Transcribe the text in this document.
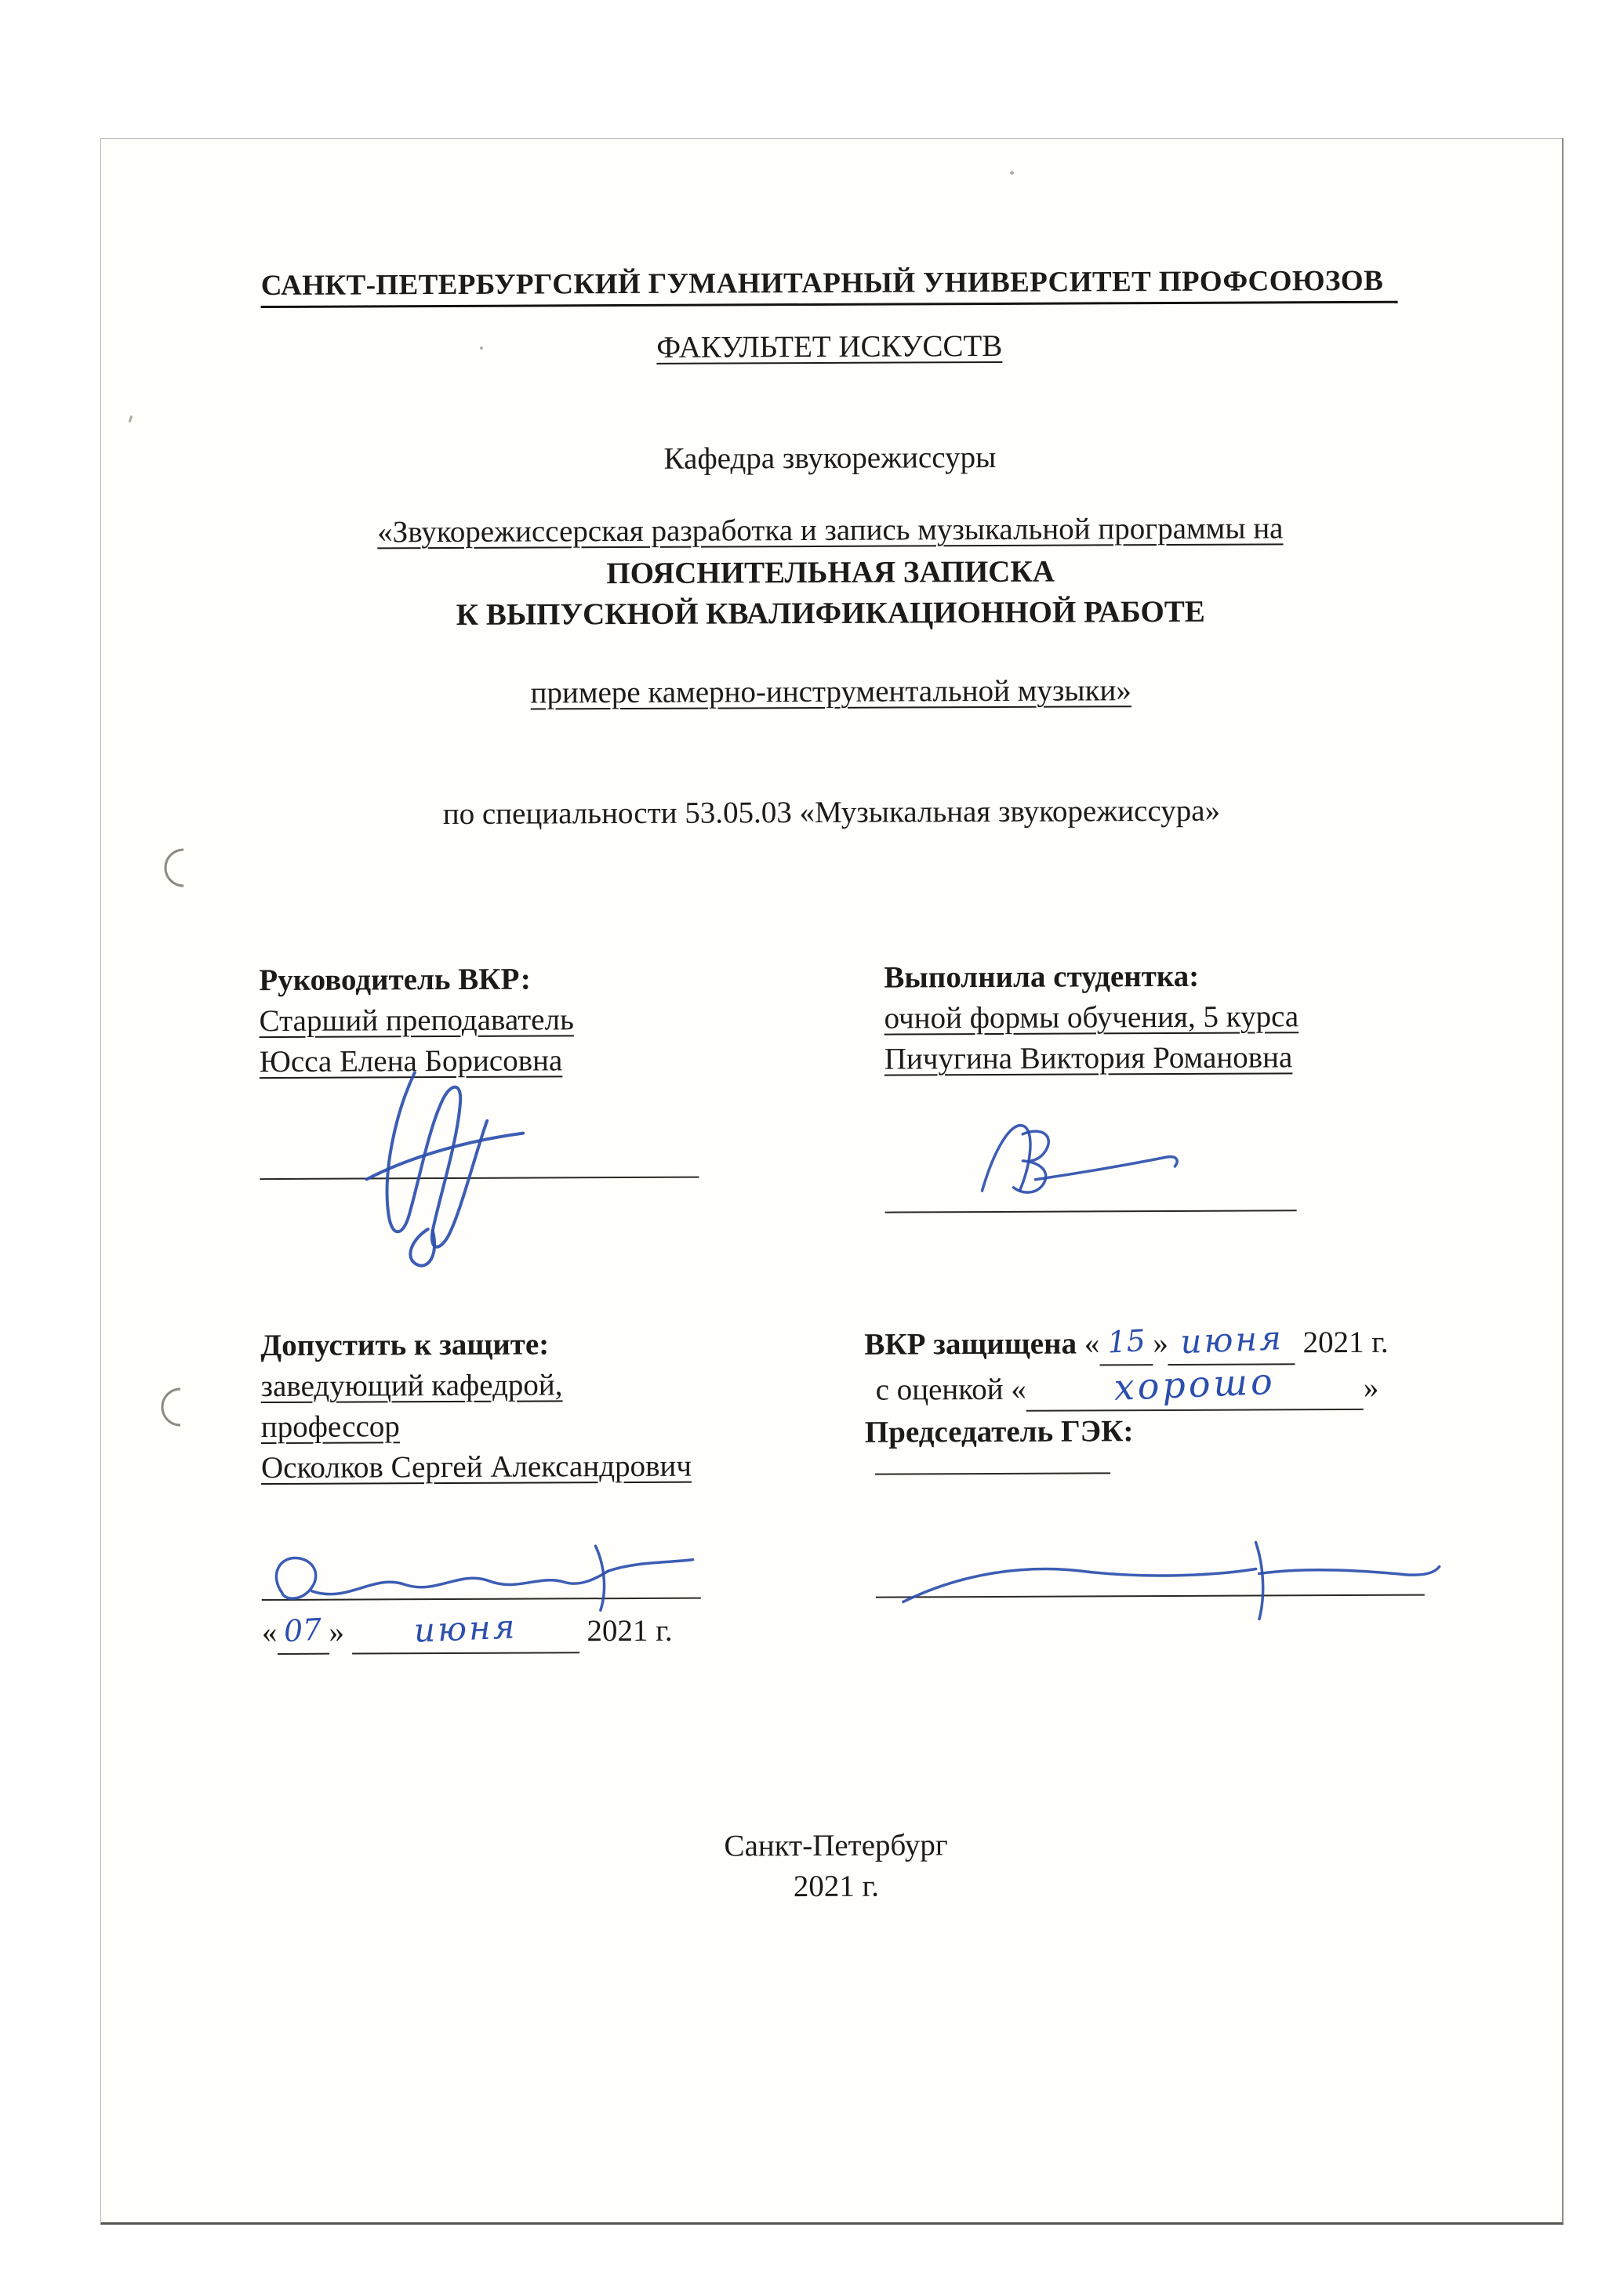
САНКТ-ПЕТЕРБУРГСКИЙ ГУМАНИТАРНЫЙ УНИВЕРСИТЕТ ПРОФСОЮЗОВ
ФАКУЛЬТЕТ ИСКУССТВ
Кафедра звукорежиссуры
«Звукорежиссерская разработка и запись музыкальной программы на
ПОЯСНИТЕЛЬНАЯ ЗАПИСКА
К ВЫПУСКНОЙ КВАЛИФИКАЦИОННОЙ РАБОТЕ
примере камерно-инструментальной музыки»
по специальности 53.05.03 «Музыкальная звукорежиссура»
Руководитель ВКР:
Старший преподаватель
Юсса Елена Борисовна
Выполнила студентка:
очной формы обучения, 5 курса
Пичугина Виктория Романовна
Допустить к защите:
заведующий кафедрой,
профессор
Осколков Сергей Александрович
ВКР защищена « 15 » июня 2021 г.
с оценкой « хорошо	»
Председатель ГЭК:
« 07 » июня 2021 г.
Санкт-Петербург
2021 г.
